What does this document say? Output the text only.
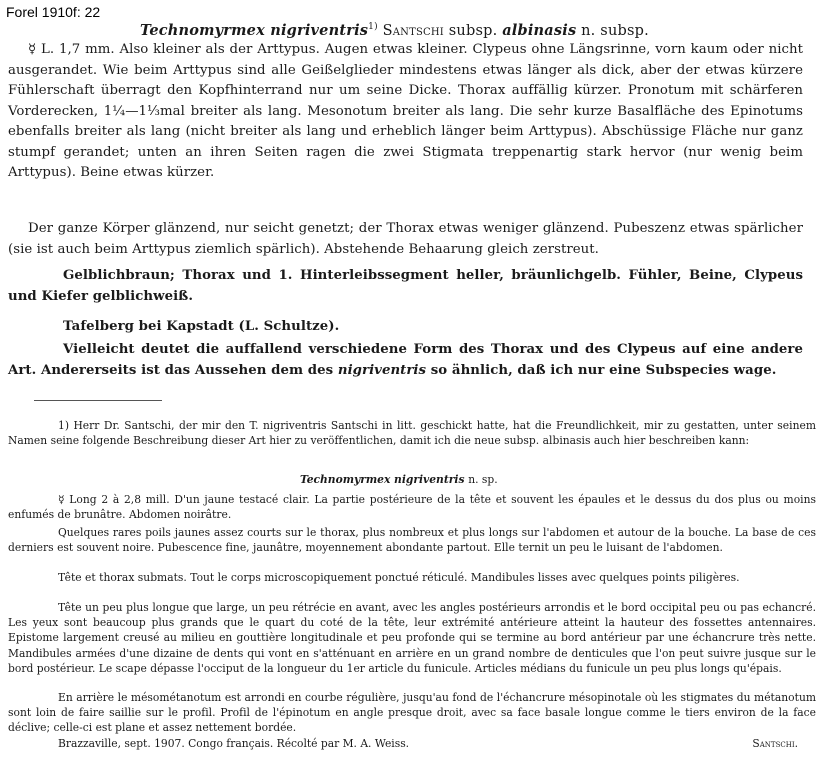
Forel 1910f: 22
Technomyrmex nigriventris$^{1)}$ Santschi subsp. albinasis n. subsp.
☿ L. 1,7 mm. Also kleiner als der Arttypus. Augen etwas kleiner. Clypeus ohne Längsrinne, vorn kaum oder nicht ausgerandet. Wie beim Arttypus sind alle Geißelglieder mindestens etwas länger als dick, aber der etwas kürzere Fühlerschaft überragt den Kopfhinterrand nur um seine Dicke. Thorax auffällig kürzer. Pronotum mit schärferen Vorderecken, 1¼—1⅓mal breiter als lang. Mesonotum breiter als lang. Die sehr kurze Basalfläche des Epinotums ebenfalls breiter als lang (nicht breiter als lang und erheblich länger beim Arttypus). Abschüssige Fläche nur ganz stumpf gerandet; unten an ihren Seiten ragen die zwei Stigmata treppenartig stark hervor (nur wenig beim Arttypus). Beine etwas kürzer.
Der ganze Körper glänzend, nur seicht genetzt; der Thorax etwas weniger glänzend. Pubeszenz etwas spärlicher (sie ist auch beim Arttypus ziemlich spärlich). Abstehende Behaarung gleich zerstreut.
Gelblichbraun; Thorax und 1. Hinterleibssegment heller, bräunlichgelb. Fühler, Beine, Clypeus und Kiefer gelblichweiß.
Tafelberg bei Kapstadt (L. Schultze).
Vielleicht deutet die auffallend verschiedene Form des Thorax und des Clypeus auf eine andere Art. Andererseits ist das Aussehen dem des nigriventris so ähnlich, daß ich nur eine Subspecies wage.
1) Herr Dr. Santschi, der mir den T. nigriventris Santschi in litt. geschickt hatte, hat die Freundlichkeit, mir zu gestatten, unter seinem Namen seine folgende Beschreibung dieser Art hier zu veröffentlichen, damit ich die neue subsp. albinasis auch hier beschreiben kann:
Technomyrmex nigriventris n. sp.
☿ Long 2 à 2,8 mill. D'un jaune testacé clair. La partie postérieure de la tête et souvent les épaules et le dessus du dos plus ou moins enfumés de brunâtre. Abdomen noirâtre.
Quelques rares poils jaunes assez courts sur le thorax, plus nombreux et plus longs sur l'abdomen et autour de la bouche. La base de ces derniers est souvent noire. Pubescence fine, jaunâtre, moyennement abondante partout. Elle ternit un peu le luisant de l'abdomen.
Tête et thorax submats. Tout le corps microscopiquement ponctué réticulé. Mandibules lisses avec quelques points piligères.
Tête un peu plus longue que large, un peu rétrécie en avant, avec les angles postérieurs arrondis et le bord occipital peu ou pas echancré. Les yeux sont beaucoup plus grands que le quart du coté de la tête, leur extrémité antérieure atteint la hauteur des fossettes antennaires. Epistome largement creusé au milieu en gouttière longitudinale et peu profonde qui se termine au bord antérieur par une échancrure très nette. Mandibules armées d'une dizaine de dents qui vont en s'atténuant en arrière en un grand nombre de denticules que l'on peut suivre jusque sur le bord postérieur. Le scape dépasse l'occiput de la longueur du 1er article du funicule. Articles médians du funicule un peu plus longs qu'épais.
En arrière le mésométanotum est arrondi en courbe régulière, jusqu'au fond de l'échancrure mésopinotale où les stigmates du métanotum sont loin de faire saillie sur le profil. Profil de l'épinotum en angle presque droit, avec sa face basale longue comme le tiers environ de la face déclive; celle-ci est plane et assez nettement bordée.
Brazzaville, sept. 1907. Congo français. Récolté par M. A. Weiss.	Santschi.
